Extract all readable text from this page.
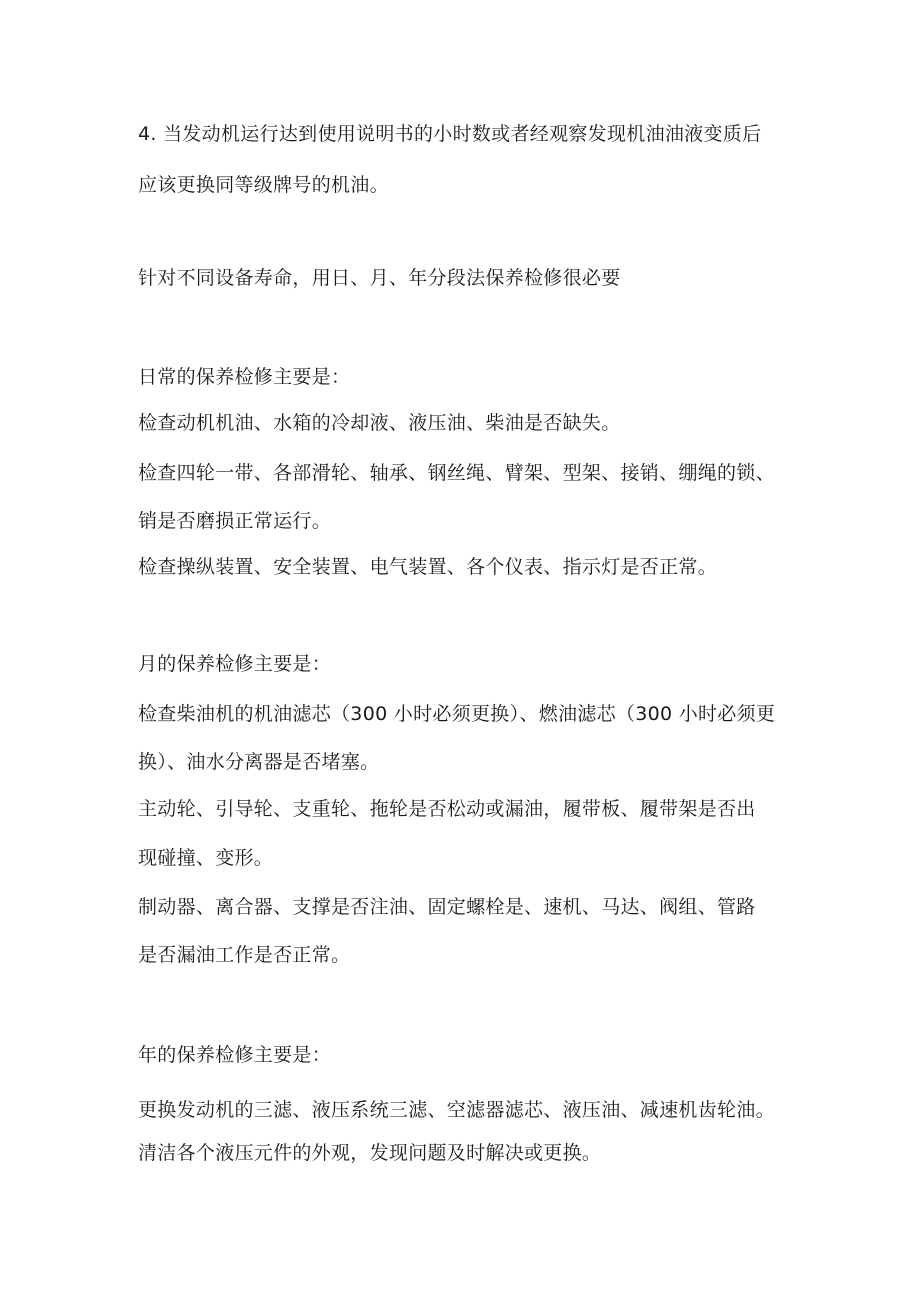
4. 当发动机运行达到使用说明书的小时数或者经观察发现机油油液变质后
应该更换同等级牌号的机油。
针对不同设备寿命，用日、月、年分段法保养检修很必要
日常的保养检修主要是：
检查动机机油、水箱的冷却液、液压油、柴油是否缺失。
检查四轮一带、各部滑轮、轴承、钢丝绳、臂架、型架、接销、绷绳的锁、
销是否磨损正常运行。
检查操纵装置、安全装置、电气装置、各个仪表、指示灯是否正常。
月的保养检修主要是：
检查柴油机的机油滤芯（300 小时必须更换）、燃油滤芯（300 小时必须更
换）、油水分离器是否堵塞。
主动轮、引导轮、支重轮、拖轮是否松动或漏油，履带板、履带架是否出
现碰撞、变形。
制动器、离合器、支撑是否注油、固定螺栓是、速机、马达、阀组、管路
是否漏油工作是否正常。
年的保养检修主要是：
更换发动机的三滤、液压系统三滤、空滤器滤芯、液压油、减速机齿轮油。
清洁各个液压元件的外观，发现问题及时解决或更换。
